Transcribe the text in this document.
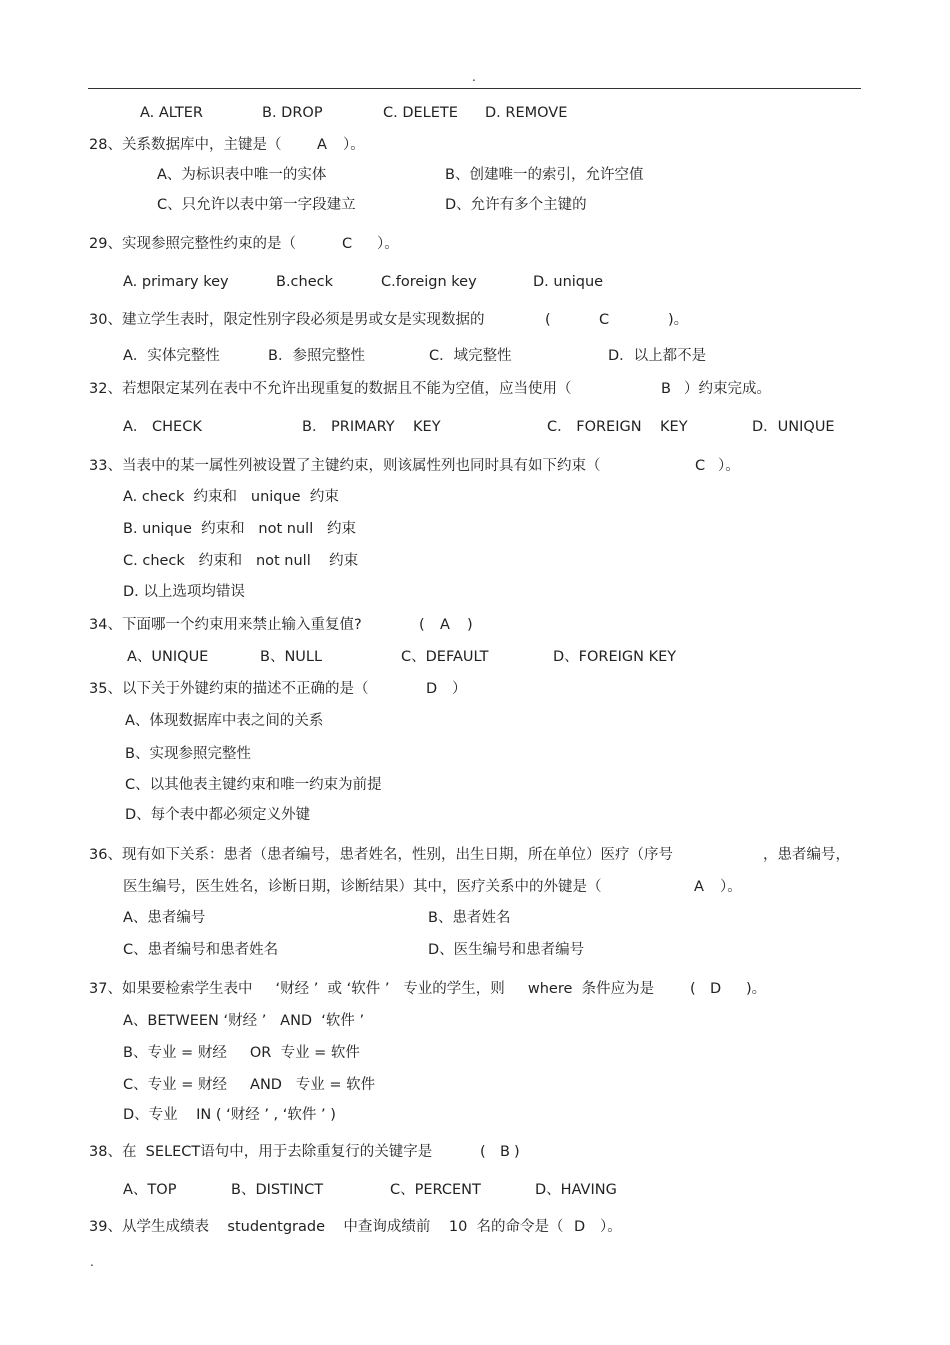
.
A. ALTER	B. DROP	C. DELETE D. REMOVE
28、关系数据库中，主键是（ A ）。
A、为标识表中唯一的实体	B、创建唯一的索引，允许空值
C、只允许以表中第一字段建立	D、允许有多个主键的
29、实现参照完整性约束的是（	C ）。
A. primary key	B.check	C.foreign key	D. unique
30、建立学生表时，限定性别字段必须是男或女是实现数据的	(	C	)。
A．实体完整性	B．参照完整性	C．域完整性	D．以上都不是
32、若想限定某列在表中不允许出现重复的数据且不能为空值，应当使用（	B ）约束完成。
A． CHECK	B． PRIMARY    KEY	C． FOREIGN    KEY	D．UNIQUE
33、当表中的某一属性列被设置了主键约束，则该属性列也同时具有如下约束（	C ）。
A. check  约束和   unique  约束
B. unique  约束和   not null   约束
C. check   约束和   not null    约束
D. 以上选项均错误
34、下面哪一个约束用来禁止输入重复值?	( A )
A、UNIQUE	B、NULL	C、DEFAULT	D、FOREIGN KEY
35、以下关于外键约束的描述不正确的是（	D ）
A、体现数据库中表之间的关系
B、实现参照完整性
C、以其他表主键约束和唯一约束为前提
D、每个表中都必须定义外键
36、现有如下关系：患者（患者编号，患者姓名，性别，出生日期，所在单位）医疗（序号	，患者编号，
医生编号，医生姓名，诊断日期，诊断结果）其中，医疗关系中的外键是（	A ）。
A、患者编号	B、患者姓名
C、患者编号和患者姓名	D、医生编号和患者编号
37、如果要检索学生表中     ‘财经 ’  或 ‘软件 ’   专业的学生，则     where  条件应为是 ( D )。
A、BETWEEN ‘财经 ’   AND  ‘软件 ’
B、专业 = 财经     OR  专业 = 软件
C、专业 = 财经     AND   专业 = 软件
D、专业    IN ( ‘财经 ’ , ‘软件 ’ )
38、在  SELECT语句中，用于去除重复行的关键字是	( B )
A、TOP	B、DISTINCT	C、PERCENT	D、HAVING
39、从学生成绩表    studentgrade    中查询成绩前    10  名的命令是（ D ）。
.
